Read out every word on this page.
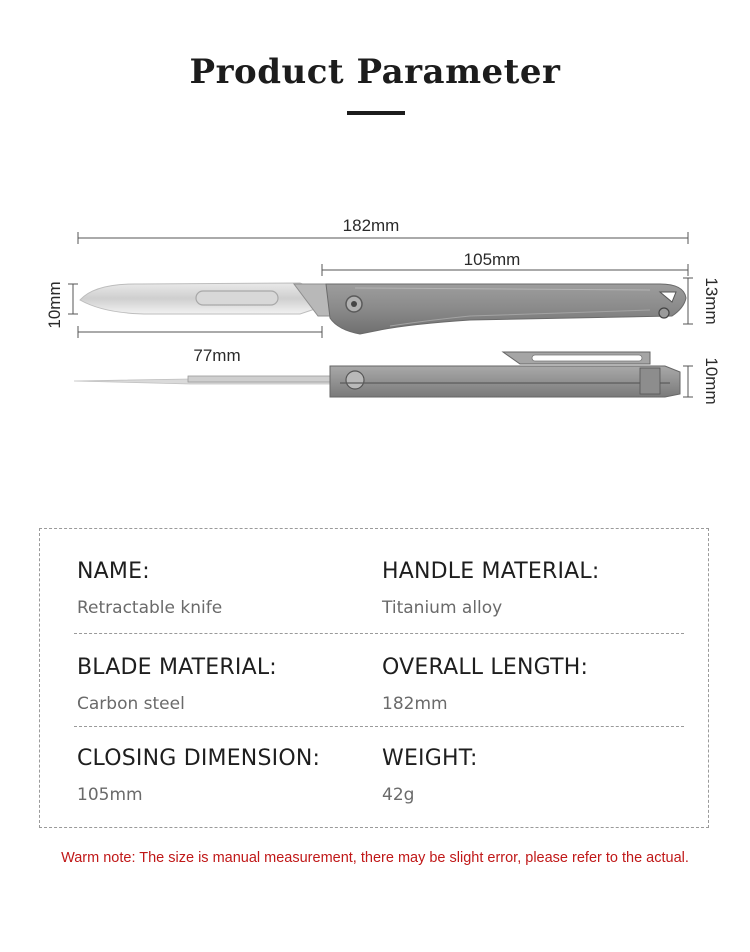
Product Parameter
182mm
105mm
10mm	13mm
77mm
10mm
NAME:
Retractable knife
HANDLE MATERIAL:
Titanium alloy
BLADE MATERIAL:
Carbon steel
OVERALL LENGTH:
182mm
CLOSING DIMENSION:
105mm
WEIGHT:
42g
Warm note: The size is manual measurement, there may be slight error, please refer to the actual.
